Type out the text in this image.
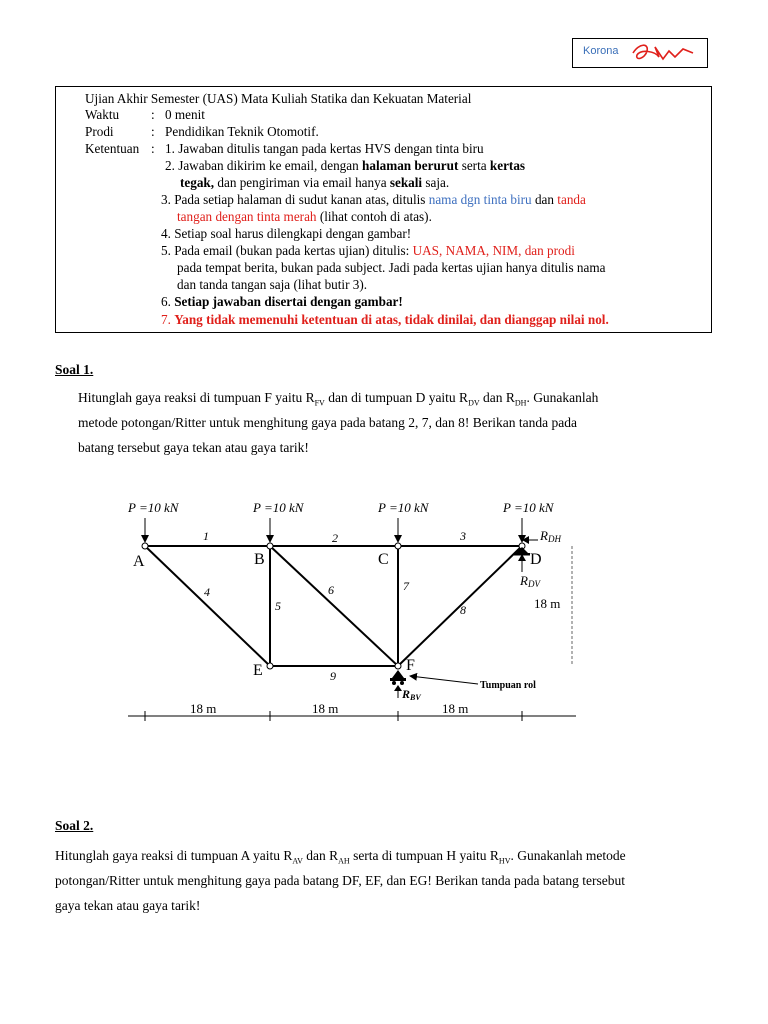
Korona
Ujian Akhir Semester (UAS) Mata Kuliah Statika dan Kekuatan Material
Waktu : 0 menit
Prodi	: Pendidikan Teknik Otomotif.
Ketentuan : 1. Jawaban ditulis tangan pada kertas HVS dengan tinta biru
2. Jawaban dikirim ke email, dengan halaman berurut serta kertas
tegak, dan pengiriman via email hanya sekali saja.
3. Pada setiap halaman di sudut kanan atas, ditulis nama dgn tinta biru dan tanda
tangan dengan tinta merah (lihat contoh di atas).
4. Setiap soal harus dilengkapi dengan gambar!
5. Pada email (bukan pada kertas ujian) ditulis: UAS, NAMA, NIM, dan prodi
pada tempat berita, bukan pada subject. Jadi pada kertas ujian hanya ditulis nama
dan tanda tangan saja (lihat butir 3).
6. Setiap jawaban disertai dengan gambar!
7. Yang tidak memenuhi ketentuan di atas, tidak dinilai, dan dianggap nilai nol.
Soal 1.
Hitunglah gaya reaksi di tumpuan F yaitu $R_{FV}$ dan di tumpuan D yaitu $R_{DV}$ dan $R_{DH}$. Gunakanlah
metode potongan/Ritter untuk menghitung gaya pada batang 2, 7, dan 8! Berikan tanda pada
batang tersebut gaya tekan atau gaya tarik!
P =10 kN	P =10 kN	P =10 kN	P =10 kN
A	B	C	D
E	F
1	2	3
4
5
6	7
8
9
RDH
RDV
RBV
Tumpuan rol
18 m
18 m	18 m	18 m
Soal 2.
Hitunglah gaya reaksi di tumpuan A yaitu $R_{AV}$ dan $R_{AH}$ serta di tumpuan H yaitu $R_{HV}$. Gunakanlah metode
potongan/Ritter untuk menghitung gaya pada batang DF, EF, dan EG! Berikan tanda pada batang tersebut
gaya tekan atau gaya tarik!
